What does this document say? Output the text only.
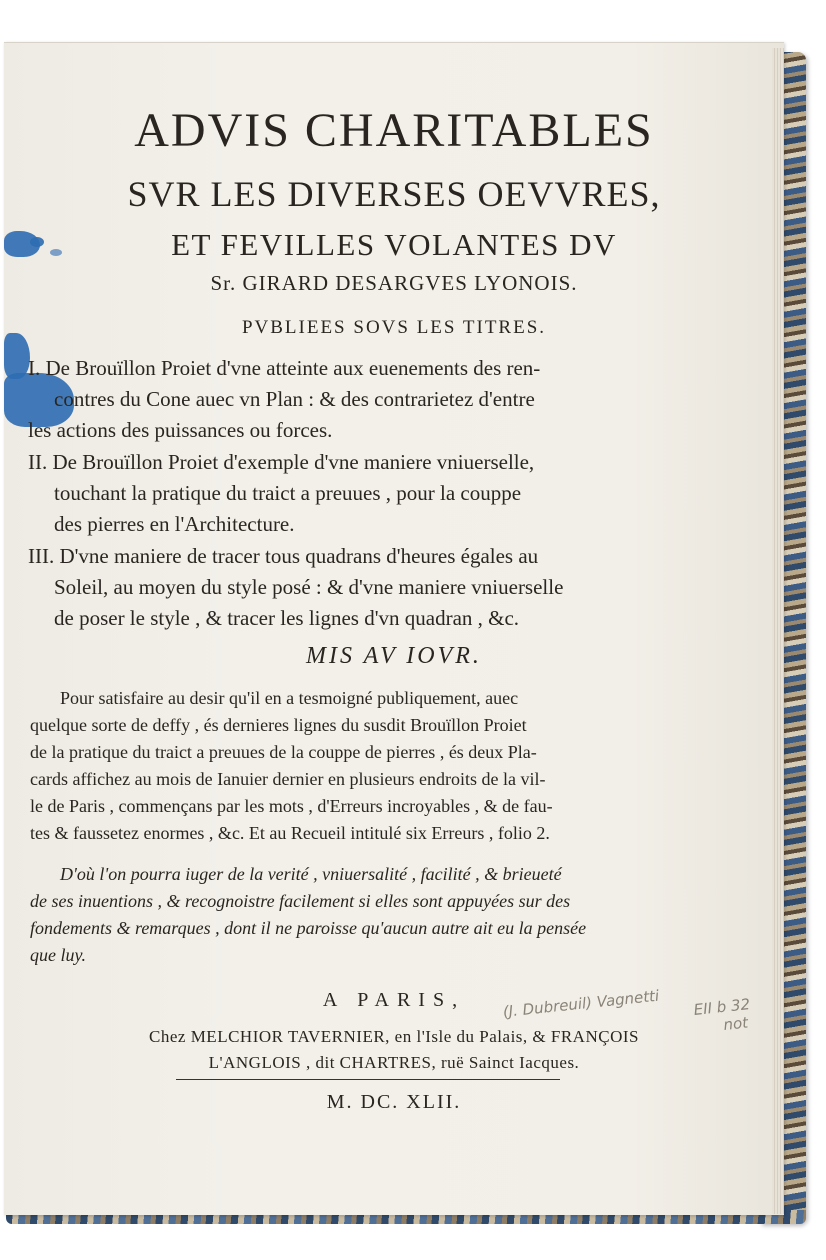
ADVIS CHARITABLES

SVR LES DIVERSES OEVVRES,

ET FEVILLES VOLANTES DV

Sr. GIRARD DESARGVES LYONOIS.

PVBLIEES SOVS LES TITRES.

I. De Brouïllon Proiet d'vne atteinte aux euenements des ren-
contres du Cone auec vn Plan : & des contrarietez d'entre
les actions des puissances ou forces.
II. De Brouïllon Proiet d'exemple d'vne maniere vniuerselle,
touchant la pratique du traict a preuues , pour la couppe
des pierres en l'Architecture.
III. D'vne maniere de tracer tous quadrans d'heures égales au
Soleil, au moyen du style posé : & d'vne maniere vniuerselle
de poser le style , & tracer les lignes d'vn quadran , &c.

MIS AV IOVR.

Pour satisfaire au desir qu'il en a tesmoigné publiquement, auec
quelque sorte de deffy , és dernieres lignes du susdit Brouïllon Proiet
de la pratique du traict a preuues de la couppe de pierres , és deux Pla-
cards affichez au mois de Ianuier dernier en plusieurs endroits de la vil-
le de Paris , commençans par les mots , d'Erreurs incroyables , & de fau-
tes & faussetez enormes , &c. Et au Recueil intitulé six Erreurs , folio 2.
D'où l'on pourra iuger de la verité , vniuersalité , facilité , & brieueté
de ses inuentions , & recognoistre facilement si elles sont appuyées sur des
fondements & remarques , dont il ne paroisse qu'aucun autre ait eu la pensée
que luy.

A PARIS,

Chez MELCHIOR TAVERNIER, en l'Isle du Palais, & FRANÇOIS

L'ANGLOIS , dit CHARTRES, ruë Sainct Iacques.

M. DC. XLII.

(J. Dubreuil) Vagnetti	EII b 32
not
